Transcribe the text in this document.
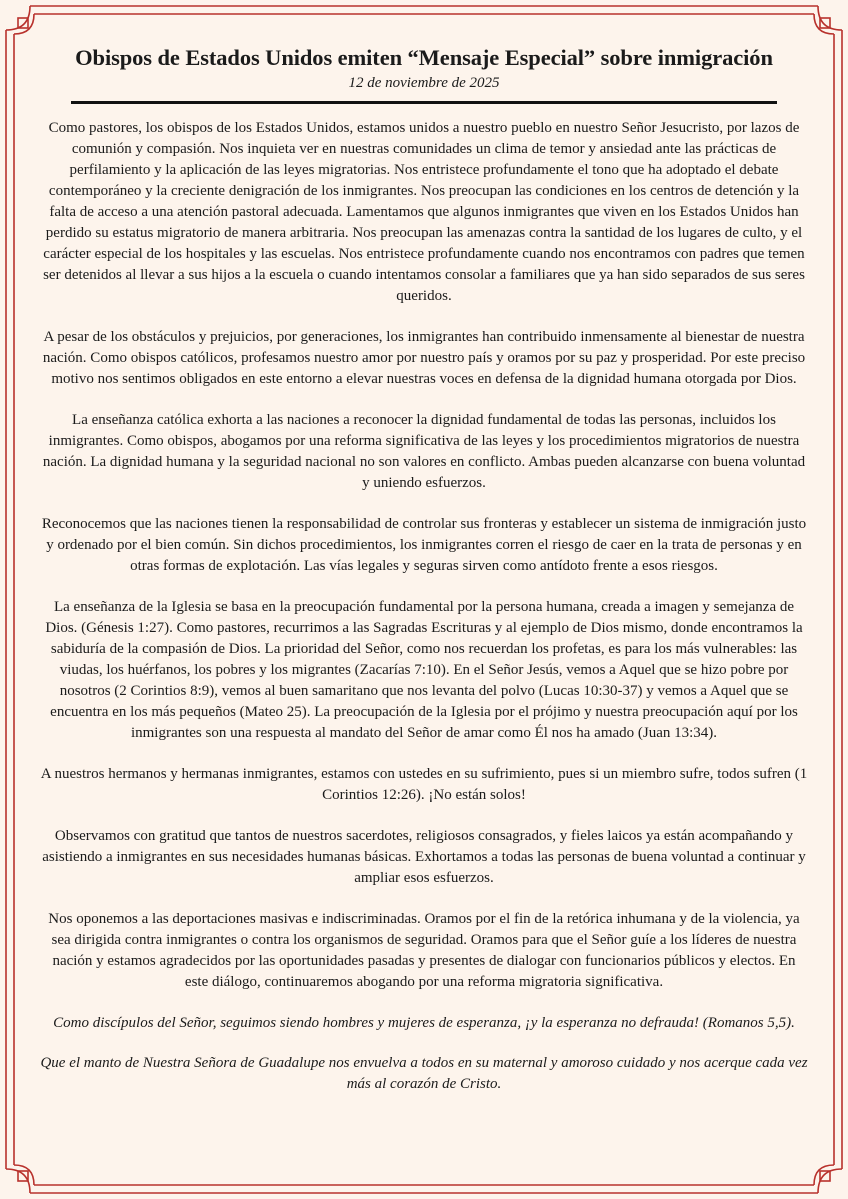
Obispos de Estados Unidos emiten “Mensaje Especial” sobre inmigración

12 de noviembre de 2025

Como pastores, los obispos de los Estados Unidos, estamos unidos a nuestro pueblo en nuestro Señor Jesucristo, por lazos de comunión y compasión. Nos inquieta ver en nuestras comunidades un clima de temor y ansiedad ante las prácticas de perfilamiento y la aplicación de las leyes migratorias. Nos entristece profundamente el tono que ha adoptado el debate contemporáneo y la creciente denigración de los inmigrantes. Nos preocupan las condiciones en los centros de detención y la falta de acceso a una atención pastoral adecuada. Lamentamos que algunos inmigrantes que viven en los Estados Unidos han perdido su estatus migratorio de manera arbitraria. Nos preocupan las amenazas contra la santidad de los lugares de culto, y el carácter especial de los hospitales y las escuelas. Nos entristece profundamente cuando nos encontramos con padres que temen ser detenidos al llevar a sus hijos a la escuela o cuando intentamos consolar a familiares que ya han sido separados de sus seres queridos.

A pesar de los obstáculos y prejuicios, por generaciones, los inmigrantes han contribuido inmensamente al bienestar de nuestra nación. Como obispos católicos, profesamos nuestro amor por nuestro país y oramos por su paz y prosperidad. Por este preciso motivo nos sentimos obligados en este entorno a elevar nuestras voces en defensa de la dignidad humana otorgada por Dios.

La enseñanza católica exhorta a las naciones a reconocer la dignidad fundamental de todas las personas, incluidos los inmigrantes. Como obispos, abogamos por una reforma significativa de las leyes y los procedimientos migratorios de nuestra nación. La dignidad humana y la seguridad nacional no son valores en conflicto. Ambas pueden alcanzarse con buena voluntad y uniendo esfuerzos.

Reconocemos que las naciones tienen la responsabilidad de controlar sus fronteras y establecer un sistema de inmigración justo y ordenado por el bien común. Sin dichos procedimientos, los inmigrantes corren el riesgo de caer en la trata de personas y en otras formas de explotación. Las vías legales y seguras sirven como antídoto frente a esos riesgos.

La enseñanza de la Iglesia se basa en la preocupación fundamental por la persona humana, creada a imagen y semejanza de Dios. (Génesis 1:27). Como pastores, recurrimos a las Sagradas Escrituras y al ejemplo de Dios mismo, donde encontramos la sabiduría de la compasión de Dios. La prioridad del Señor, como nos recuerdan los profetas, es para los más vulnerables: las viudas, los huérfanos, los pobres y los migrantes (Zacarías 7:10). En el Señor Jesús, vemos a Aquel que se hizo pobre por nosotros (2 Corintios 8:9), vemos al buen samaritano que nos levanta del polvo (Lucas 10:30-37) y vemos a Aquel que se encuentra en los más pequeños (Mateo 25). La preocupación de la Iglesia por el prójimo y nuestra preocupación aquí por los inmigrantes son una respuesta al mandato del Señor de amar como Él nos ha amado (Juan 13:34).

A nuestros hermanos y hermanas inmigrantes, estamos con ustedes en su sufrimiento, pues si un miembro sufre, todos sufren (1 Corintios 12:26). ¡No están solos!

Observamos con gratitud que tantos de nuestros sacerdotes, religiosos consagrados, y fieles laicos ya están acompañando y asistiendo a inmigrantes en sus necesidades humanas básicas. Exhortamos a todas las personas de buena voluntad a continuar y ampliar esos esfuerzos.

Nos oponemos a las deportaciones masivas e indiscriminadas. Oramos por el fin de la retórica inhumana y de la violencia, ya sea dirigida contra inmigrantes o contra los organismos de seguridad. Oramos para que el Señor guíe a los líderes de nuestra nación y estamos agradecidos por las oportunidades pasadas y presentes de dialogar con funcionarios públicos y electos. En este diálogo, continuaremos abogando por una reforma migratoria significativa.

Como discípulos del Señor, seguimos siendo hombres y mujeres de esperanza, ¡y la esperanza no defrauda! (Romanos 5,5).

Que el manto de Nuestra Señora de Guadalupe nos envuelva a todos en su maternal y amoroso cuidado y nos acerque cada vez más al corazón de Cristo.
